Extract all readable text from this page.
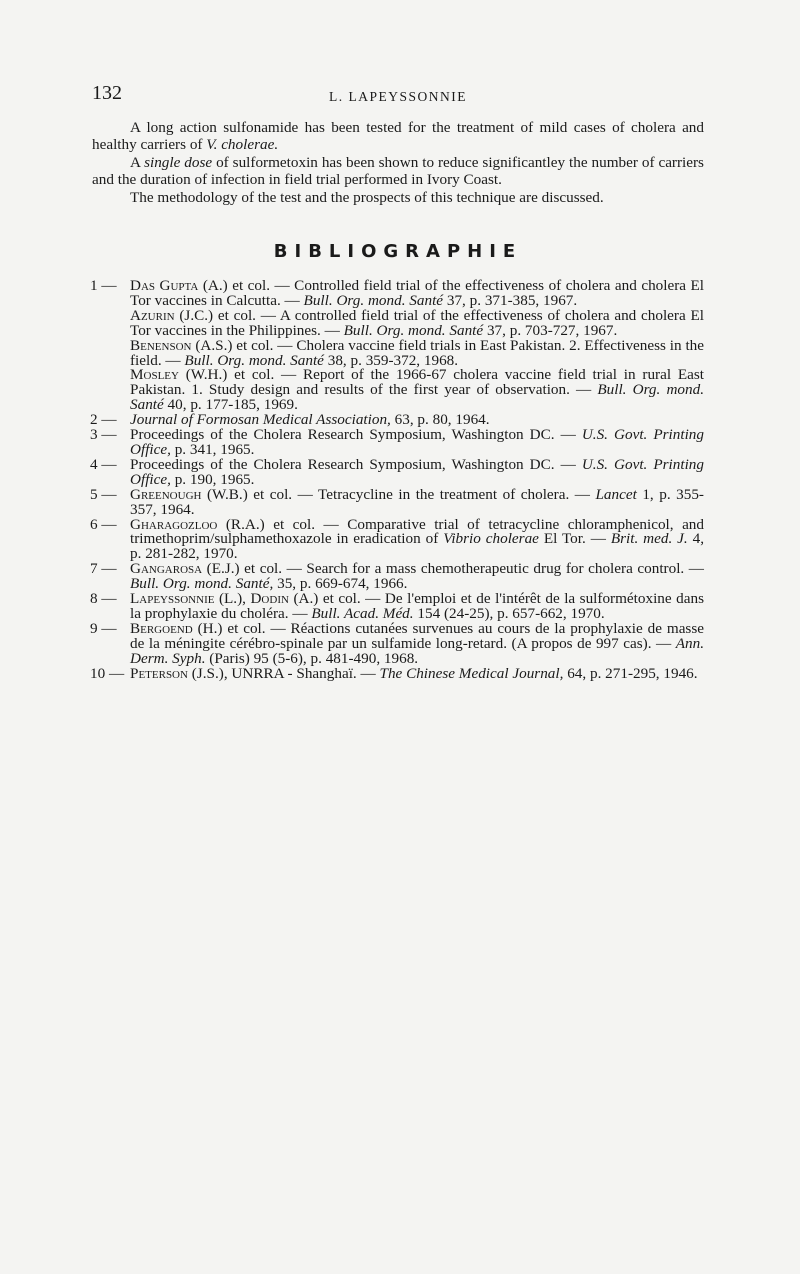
132	L. LAPEYSSONNIE

A long action sulfonamide has been tested for the treatment of mild cases of cholera and healthy carriers of V. cholerae.

A single dose of sulformetoxin has been shown to reduce significantley the number of carriers and the duration of infection in field trial performed in Ivory Coast.

The methodology of the test and the prospects of this technique are discussed.

BIBLIOGRAPHIE
1 — Das Gupta (A.) et col. — Controlled field trial of the effectiveness of cholera and cholera El Tor vaccines in Calcutta. — Bull. Org. mond. Santé 37, p. 371-385, 1967.
Azurin (J.C.) et col. — A controlled field trial of the effectiveness of cholera and cholera El Tor vaccines in the Philippines. — Bull. Org. mond. Santé 37, p. 703-727, 1967.
Benenson (A.S.) et col. — Cholera vaccine field trials in East Pakistan. 2. Effectiveness in the field. — Bull. Org. mond. Santé 38, p. 359-372, 1968.
Mosley (W.H.) et col. — Report of the 1966-67 cholera vaccine field trial in rural East Pakistan. 1. Study design and results of the first year of observation. — Bull. Org. mond. Santé 40, p. 177-185, 1969.
2 — Journal of Formosan Medical Association, 63, p. 80, 1964.
3 — Proceedings of the Cholera Research Symposium, Washington DC. — U.S. Govt. Printing Office, p. 341, 1965.
4 — Proceedings of the Cholera Research Symposium, Washington DC. — U.S. Govt. Printing Office, p. 190, 1965.
5 — Greenough (W.B.) et col. — Tetracycline in the treatment of cholera. — Lancet 1, p. 355-357, 1964.
6 — Gharagozloo (R.A.) et col. — Comparative trial of tetracycline chloramphenicol, and trimethoprim/sulphamethoxazole in eradication of Vibrio cholerae El Tor. — Brit. med. J. 4, p. 281-282, 1970.
7 — Gangarosa (E.J.) et col. — Search for a mass chemotherapeutic drug for cholera control. — Bull. Org. mond. Santé, 35, p. 669-674, 1966.
8 — Lapeyssonnie (L.), Dodin (A.) et col. — De l'emploi et de l'intérêt de la sulformétoxine dans la prophylaxie du choléra. — Bull. Acad. Méd. 154 (24-25), p. 657-662, 1970.
9 — Bergoend (H.) et col. — Réactions cutanées survenues au cours de la prophylaxie de masse de la méningite cérébro-spinale par un sulfamide long-retard. (A propos de 997 cas). — Ann. Derm. Syph. (Paris) 95 (5-6), p. 481-490, 1968.
10 — Peterson (J.S.), UNRRA - Shanghaï. — The Chinese Medical Journal, 64, p. 271-295, 1946.
